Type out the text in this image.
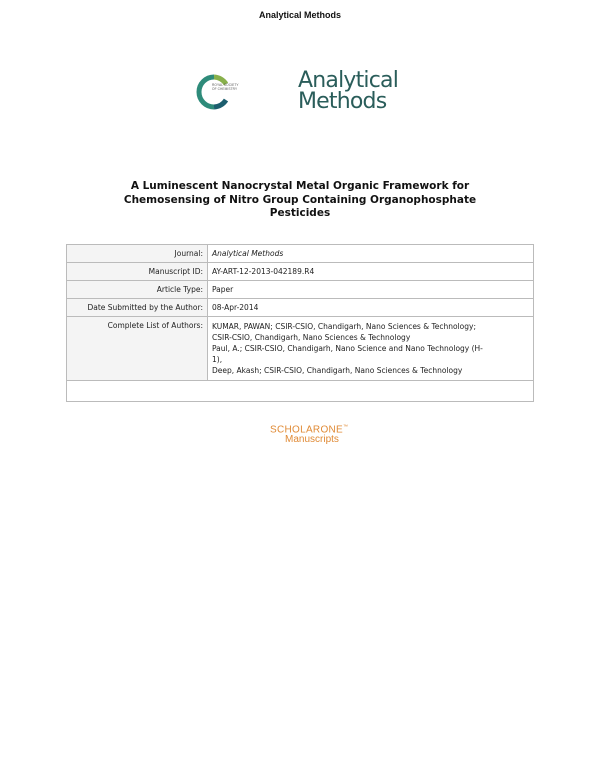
Analytical Methods
ROYAL SOCIETY
OF CHEMISTRY	Analytical
Methods
A Luminescent Nanocrystal Metal Organic Framework for Chemosensing of Nitro Group Containing Organophosphate Pesticides
Journal:	Analytical Methods
Manuscript ID:	AY-ART-12-2013-042189.R4
Article Type:	Paper
Date Submitted by the Author:	08-Apr-2014
Complete List of Authors:	KUMAR, PAWAN; CSIR-CSIO, Chandigarh, Nano Sciences & Technology;
CSIR-CSIO, Chandigarh, Nano Sciences & Technology
Paul, A.; CSIR-CSIO, Chandigarh, Nano Science and Nano Technology (H-
1),
Deep, Akash; CSIR-CSIO, Chandigarh, Nano Sciences & Technology

SCHOLARONE™
Manuscripts
